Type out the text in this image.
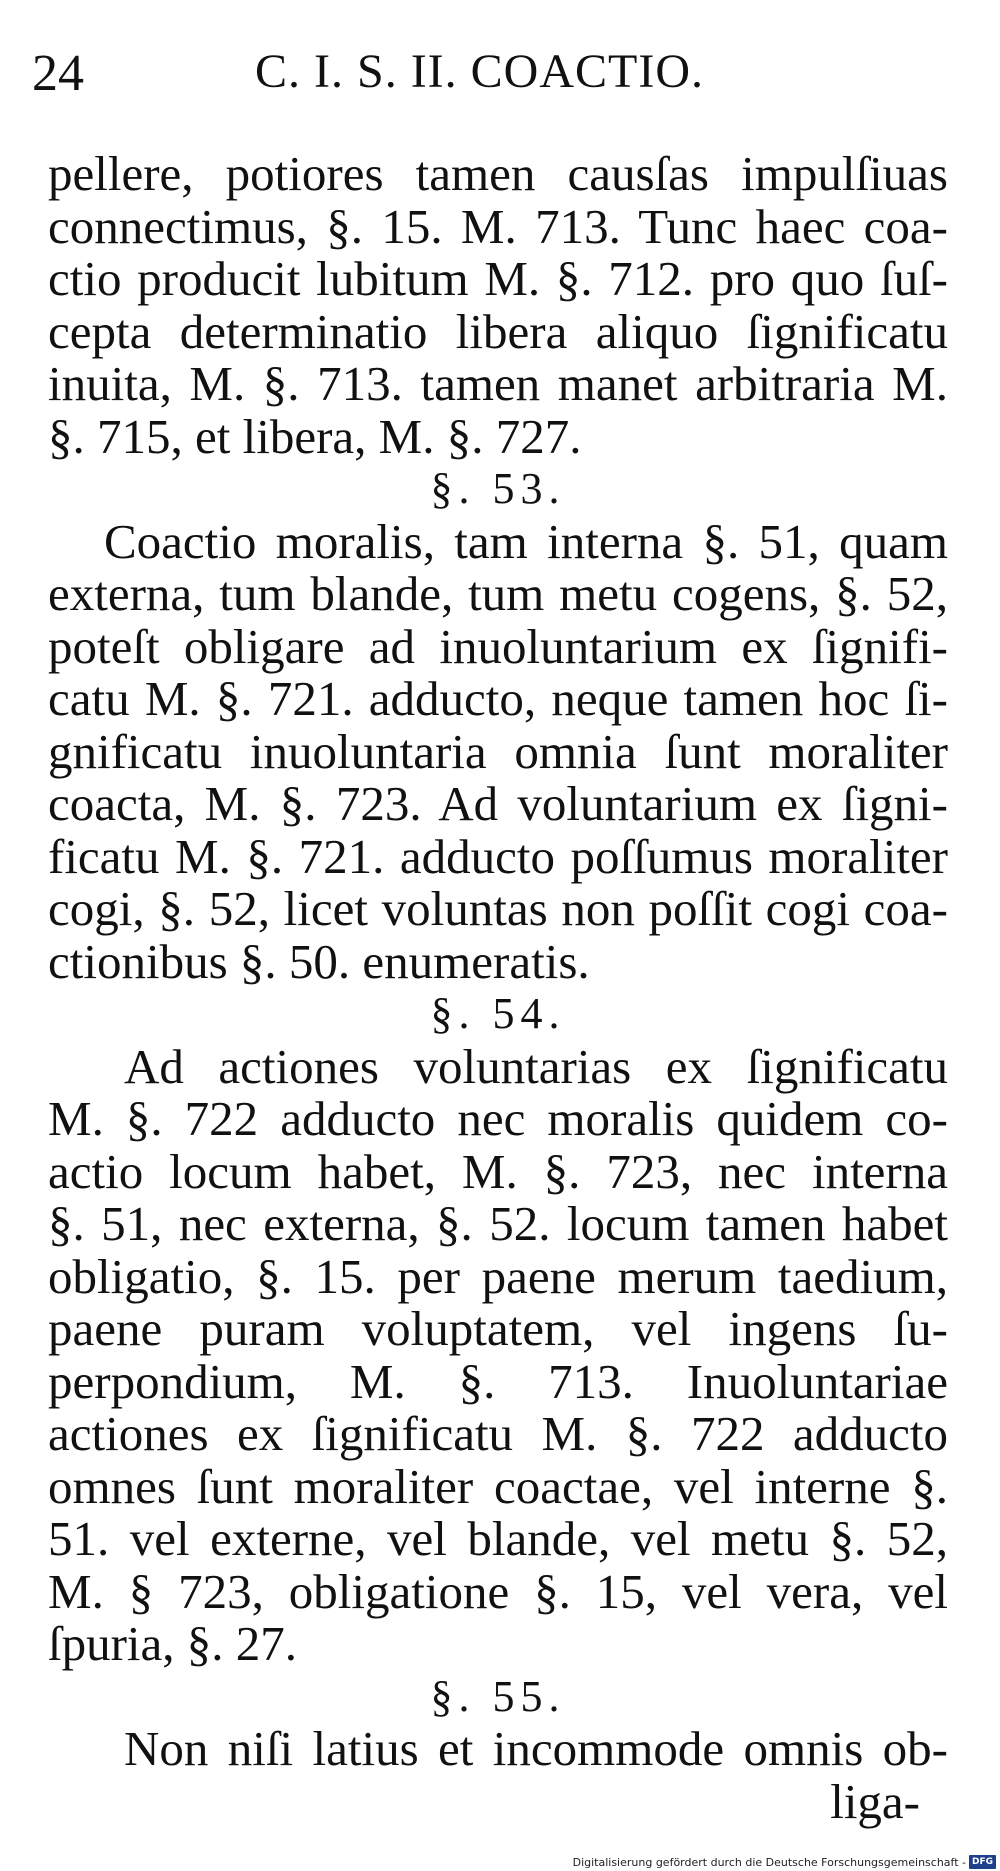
24	C. I. S. II. COACTIO.
pellere, potiores tamen causſas impulſiuas
connectimus, §. 15. M. 713. Tunc haec coa-
ctio producit lubitum M. §. 712. pro quo ſuſ-
cepta determinatio libera aliquo ſignificatu
inuita, M. §. 713. tamen manet arbitraria M.
§. 715, et libera, M. §. 727.
§. 53.
Coactio moralis, tam interna §. 51, quam
externa, tum blande, tum metu cogens, §. 52,
poteſt obligare ad inuoluntarium ex ſignifi-
catu M. §. 721. adducto, neque tamen hoc ſi-
gnificatu inuoluntaria omnia ſunt moraliter
coacta, M. §. 723. Ad voluntarium ex ſigni-
ficatu M. §. 721. adducto poſſumus moraliter
cogi, §. 52, licet voluntas non poſſit cogi coa-
ctionibus §. 50. enumeratis.
§. 54.
Ad actiones voluntarias ex ſignificatu
M. §. 722 adducto nec moralis quidem co-
actio locum habet, M. §. 723, nec interna
§. 51, nec externa, §. 52. locum tamen habet
obligatio, §. 15. per paene merum taedium,
paene puram voluptatem, vel ingens ſu-
perpondium, M. §. 713. Inuoluntariae
actiones ex ſignificatu M. §. 722 adducto
omnes ſunt moraliter coactae, vel interne §.
51. vel externe, vel blande, vel metu §. 52,
M. § 723, obligatione §. 15, vel vera, vel
ſpuria, §. 27.
§. 55.
Non niſi latius et incommode omnis ob-
liga-
Digitalisierung gefördert durch die Deutsche Forschungsgemeinschaft - DFG
